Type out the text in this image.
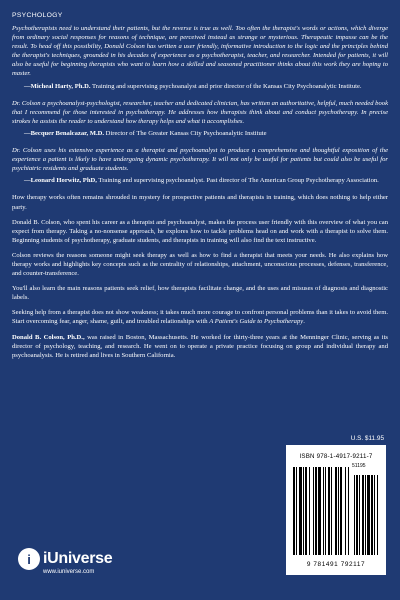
PSYCHOLOGY

Psychotherapists need to understand their patients, but the reverse is true as well. Too often the therapist's words or actions, which diverge from ordinary social responses for reasons of technique, are perceived instead as strange or mysterious. Therapeutic impasse can be the result. To head off this possibility, Donald Colson has written a user friendly, informative introduction to the logic and the principles behind the therapist's techniques, grounded in his decades of experience as a psychotherapist, teacher, and researcher. Intended for patients, it will also be useful for beginning therapists who want to learn how a skilled and seasoned practitioner thinks about this work they are hoping to master.

—Micheal Harty, Ph.D. Training and supervising psychoanalyst and prior director of the Kansas City Psychoanalytic Institute.

Dr. Colson a psychoanalyst-psychologist, researcher, teacher and dedicated clinician, has written an authoritative, helpful, much needed book that I recommend for those interested in psychotherapy. He addresses how therapists think about and conduct psychotherapy. In precise strokes he assists the reader to understand how therapy helps and what it accomplishes.

—Becquer Benalcazar, M.D. Director of The Greater Kansas City Psychoanalytic Institute

Dr. Colson uses his extensive experience as a therapist and psychoanalyst to produce a comprehensive and thoughtful exposition of the experience a patient is likely to have undergoing dynamic psychotherapy. It will not only be useful for patients but could also be useful for psychiatric residents and graduate students.

—Leonard Horwitz, PhD, Training and supervising psychoanalyst. Past director of The American Group Psychotherapy Association.

How therapy works often remains shrouded in mystery for prospective patients and therapists in training, which does nothing to help either party.

Donald B. Colson, who spent his career as a therapist and psychoanalyst, makes the process user friendly with this overview of what you can expect from therapy. Taking a no-nonsense approach, he explores how to tackle problems head on and work with a therapist to solve them. Beginning students of psychotherapy, graduate students, and therapists in training will also find the text instructive.

Colson reviews the reasons someone might seek therapy as well as how to find a therapist that meets your needs. He also explains how therapy works and highlights key concepts such as the centrality of relationships, attachment, unconscious processes, defenses, transference, and counter-transference.

You'll also learn the main reasons patients seek relief, how therapists facilitate change, and the uses and misuses of diagnosis and diagnostic labels.

Seeking help from a therapist does not show weakness; it takes much more courage to confront personal problems than it takes to avoid them. Start overcoming fear, anger, shame, guilt, and troubled relationships with A Patient's Guide to Psychotherapy.

Donald B. Colson, Ph.D., was raised in Boston, Massachusetts. He worked for thirty-three years at the Menninger Clinic, serving as its director of psychology, teaching, and research. He went on to operate a private practice focusing on group and individual therapy and psychoanalysis. He is retired and lives in Southern California.

U.S. $11.95
ISBN 978-1-4917-9211-7
51195
9 781491 792117
i iUniverse
www.iuniverse.com
